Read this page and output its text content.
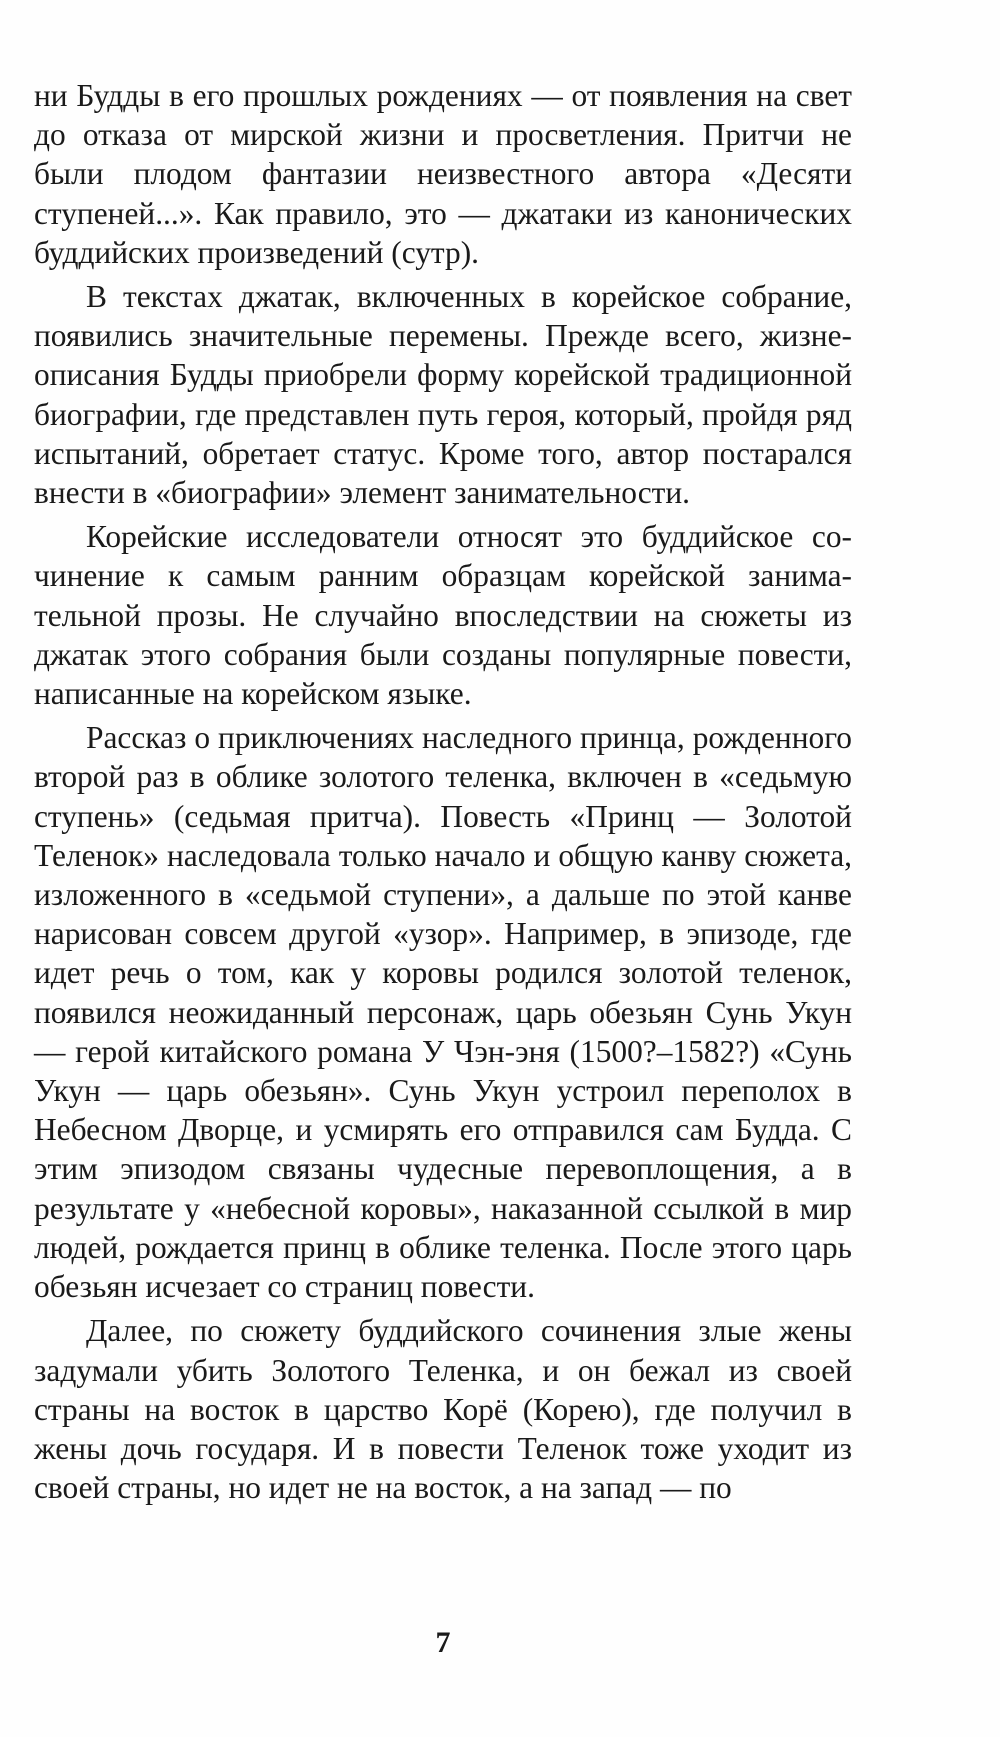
ни Будды в его прошлых рождениях — от появления на свет до отказа от мирской жизни и просветления. Притчи не были плодом фантазии неизвестного автора «Десяти ступеней...». Как правило, это — джатаки из канонических буддийских произведений (сутр).

В текстах джатак, включенных в корейское собрание, появились значительные перемены. Прежде всего, жизнеописания Будды приобрели форму корейской традиционной биографии, где представлен путь героя, который, пройдя ряд испытаний, обретает статус. Кроме того, автор постарался внести в «биографии» элемент занимательности.

Корейские исследователи относят это буддийское сочинение к самым ранним образцам корейской занимательной прозы. Не случайно впоследствии на сюжеты из джатак этого собрания были созданы популярные повести, написанные на корейском языке.

Рассказ о приключениях наследного принца, рожденного второй раз в облике золотого теленка, включен в «седьмую ступень» (седьмая притча). Повесть «Принц — Золотой Теленок» наследовала только начало и общую канву сюжета, изложенного в «седьмой ступени», а дальше по этой канве нарисован совсем другой «узор». Например, в эпизоде, где идет речь о том, как у коровы родился золотой теленок, появился неожиданный персонаж, царь обезьян Сунь Укун — герой китайского романа У Чэн-эня (1500?–1582?) «Сунь Укун — царь обезьян». Сунь Укун устроил переполох в Небесном Дворце, и усмирять его отправился сам Будда. С этим эпизодом связаны чудесные перевоплощения, а в результате у «небесной коровы», наказанной ссылкой в мир людей, рождается принц в облике теленка. После этого царь обезьян исчезает со страниц повести.

Далее, по сюжету буддийского сочинения злые жены задумали убить Золотого Теленка, и он бежал из своей страны на восток в царство Корё (Корею), где получил в жены дочь государя. И в повести Теленок тоже уходит из своей страны, но идет не на восток, а на запад — по

7
